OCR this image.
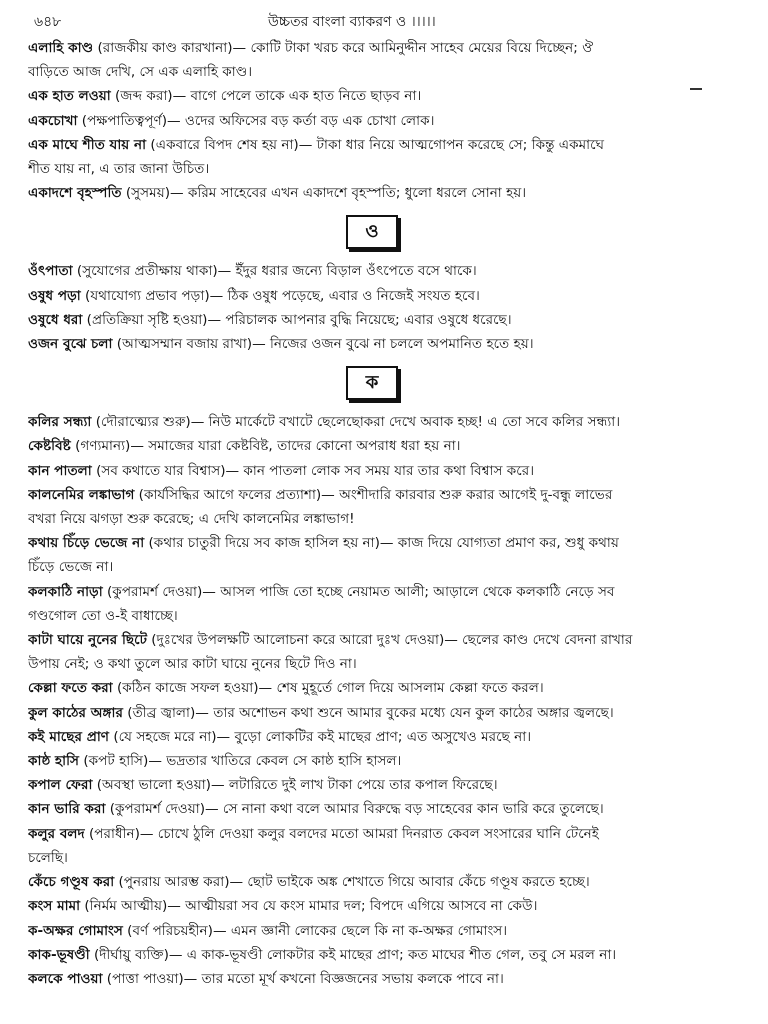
৬৪৮	উচ্চতর বাংলা ব্যাকরণ ও ।।।।।
এলাহি কাণ্ড (রাজকীয় কাণ্ড কারখানা)— কোটি টাকা খরচ করে আমিনুদ্দীন সাহেব মেয়ের বিয়ে দিচ্ছেন; ঔ
বাড়িতে আজ দেখি, সে এক এলাহি কাণ্ড।
এক হাত লওয়া (জব্দ করা)— বাগে পেলে তাকে এক হাত নিতে ছাড়ব না।
একচোখা (পক্ষপাতিত্বপূর্ণ)— ওদের অফিসের বড় কর্তা বড় এক চোখা লোক।
এক মাঘে শীত যায় না (একবারে বিপদ শেষ হয় না)— টাকা ধার নিয়ে আত্মগোপন করেছে সে; কিন্তু একমাঘে
শীত যায় না, এ তার জানা উচিত।
একাদশে বৃহস্পতি (সুসময়)— করিম সাহেবের এখন একাদশে বৃহস্পতি; ধুলো ধরলে সোনা হয়।
ও
ওঁৎপাতা (সুযোগের প্রতীক্ষায় থাকা)— ইঁদুর ধরার জন্যে বিড়াল ওঁৎপেতে বসে থাকে।
ওষুধ পড়া (যথাযোগ্য প্রভাব পড়া)— ঠিক ওষুধ পড়েছে, এবার ও নিজেই সংযত হবে।
ওষুধে ধরা (প্রতিক্রিয়া সৃষ্টি হওয়া)— পরিচালক আপনার বুদ্ধি নিয়েছে; এবার ওষুধে ধরেছে।
ওজন বুঝে চলা (আত্মসম্মান বজায় রাখা)— নিজের ওজন বুঝে না চললে অপমানিত হতে হয়।
ক
কলির সন্ধ্যা (দৌরাত্ম্যের শুরু)— নিউ মার্কেটে বখাটে ছেলেছোকরা দেখে অবাক হচ্ছ! এ তো সবে কলির সন্ধ্যা।
কেষ্টবিষ্ট (গণ্যমান্য)— সমাজের যারা কেষ্টবিষ্ট, তাদের কোনো অপরাধ ধরা হয় না।
কান পাতলা (সব কথাতে যার বিশ্বাস)— কান পাতলা লোক সব সময় যার তার কথা বিশ্বাস করে।
কালনেমির লঙ্কাভাগ (কার্যসিদ্ধির আগে ফলের প্রত্যাশা)— অংশীদারি কারবার শুরু করার আগেই দু-বন্ধু লাভের
বখরা নিয়ে ঝগড়া শুরু করেছে; এ দেখি কালনেমির লঙ্কাভাগ!
কথায় চিঁড়ে ভেজে না (কথার চাতুরী দিয়ে সব কাজ হাসিল হয় না)— কাজ দিয়ে যোগ্যতা প্রমাণ কর, শুধু কথায়
চিঁড়ে ভেজে না।
কলকাঠি নাড়া (কুপরামর্শ দেওয়া)— আসল পাজি তো হচ্ছে নেয়ামত আলী; আড়ালে থেকে কলকাঠি নেড়ে সব
গণ্ডগোল তো ও-ই বাধাচ্ছে।
কাটা ঘায়ে নুনের ছিটে (দুঃখের উপলক্ষটি আলোচনা করে আরো দুঃখ দেওয়া)— ছেলের কাণ্ড দেখে বেদনা রাখার
উপায় নেই; ও কথা তুলে আর কাটা ঘায়ে নুনের ছিটে দিও না।
কেল্লা ফতে করা (কঠিন কাজে সফল হওয়া)— শেষ মুহূর্তে গোল দিয়ে আসলাম কেল্লা ফতে করল।
কুল কাঠের অঙ্গার (তীব্র জ্বালা)— তার অশোভন কথা শুনে আমার বুকের মধ্যে যেন কুল কাঠের অঙ্গার জ্বলছে।
কই মাছের প্রাণ (যে সহজে মরে না)— বুড়ো লোকটির কই মাছের প্রাণ; এত অসুখেও মরছে না।
কাষ্ঠ হাসি (কপট হাসি)— ভদ্রতার খাতিরে কেবল সে কাষ্ঠ হাসি হাসল।
কপাল ফেরা (অবস্থা ভালো হওয়া)— লটারিতে দুই লাখ টাকা পেয়ে তার কপাল ফিরেছে।
কান ভারি করা (কুপরামর্শ দেওয়া)— সে নানা কথা বলে আমার বিরুদ্ধে বড় সাহেবের কান ভারি করে তুলেছে।
কলুর বলদ (পরাধীন)— চোখে ঠুলি দেওয়া কলুর বলদের মতো আমরা দিনরাত কেবল সংসারের ঘানি টেনেই
চলেছি।
কেঁচে গণ্ডূষ করা (পুনরায় আরম্ভ করা)— ছোট ভাইকে অঙ্ক শেখাতে গিয়ে আবার কেঁচে গণ্ডূষ করতে হচ্ছে।
কংস মামা (নির্মম আত্মীয়)— আত্মীয়রা সব যে কংস মামার দল; বিপদে এগিয়ে আসবে না কেউ।
ক-অক্ষর গোমাংস (বর্ণ পরিচয়হীন)— এমন জ্ঞানী লোকের ছেলে কি না ক-অক্ষর গোমাংস।
কাক-ভূষণ্ডী (দীর্ঘায়ু ব্যক্তি)— এ কাক-ভূষণ্ডী লোকটার কই মাছের প্রাণ; কত মাঘের শীত গেল, তবু সে মরল না।
কলকে পাওয়া (পাত্তা পাওয়া)— তার মতো মূর্খ কখনো বিজ্ঞজনের সভায় কলকে পাবে না।
